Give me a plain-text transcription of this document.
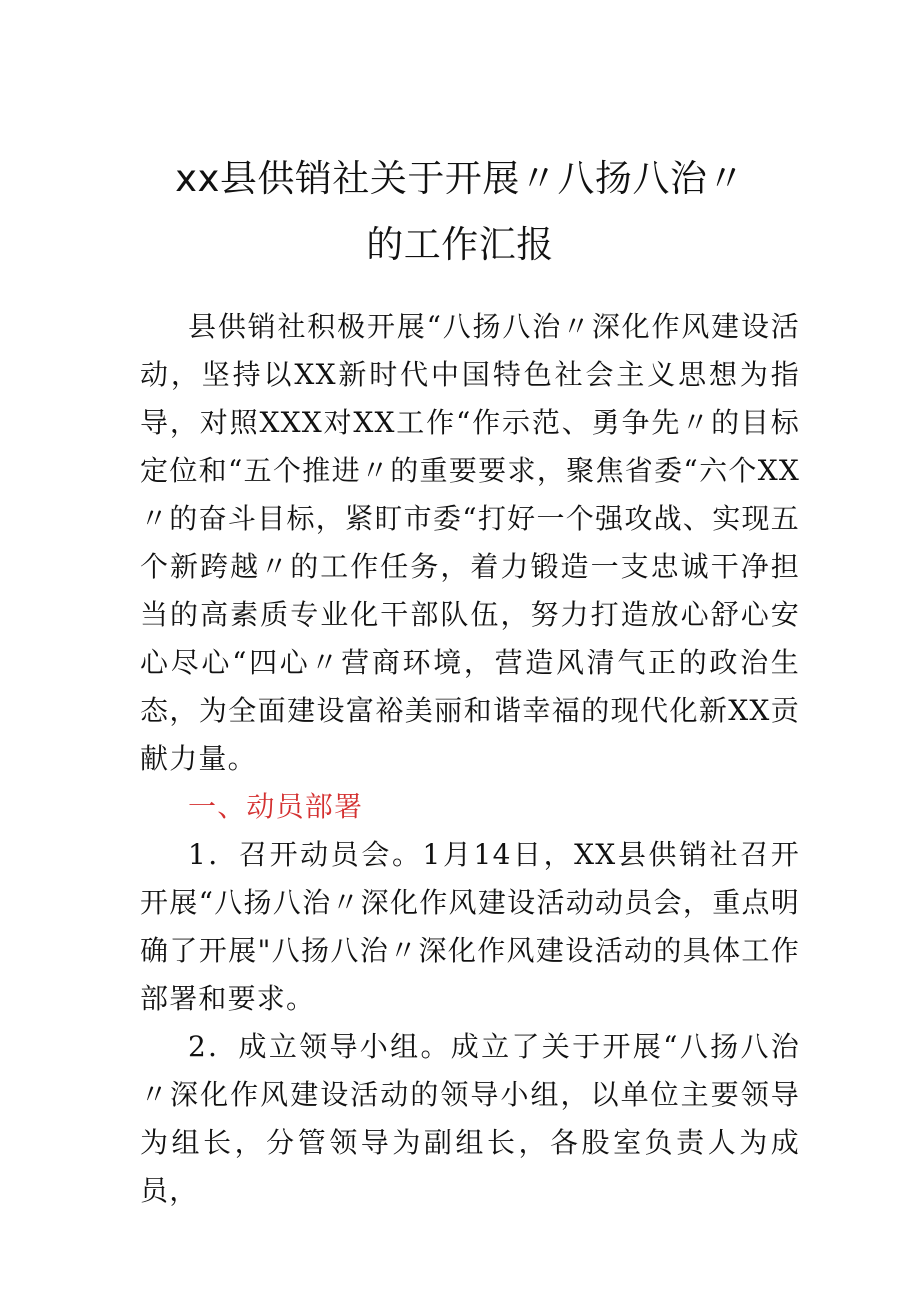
xx县供销社关于开展〃八扬八治〃
的工作汇报

县供销社积极开展“八扬八治〃深化作风建设活动，坚持以XX新时代中国特色社会主义思想为指导，对照XXX对XX工作“作示范、勇争先〃的目标定位和“五个推进〃的重要要求，聚焦省委“六个XX〃的奋斗目标，紧盯市委“打好一个强攻战、实现五个新跨越〃的工作任务，着力锻造一支忠诚干净担当的高素质专业化干部队伍，努力打造放心舒心安心尽心“四心〃营商环境，营造风清气正的政治生态，为全面建设富裕美丽和谐幸福的现代化新XX贡献力量。

一、动员部署

1．召开动员会。1月14日，XX县供销社召开开展“八扬八治〃深化作风建设活动动员会，重点明确了开展"八扬八治〃深化作风建设活动的具体工作部署和要求。

2．成立领导小组。成立了关于开展“八扬八治〃深化作风建设活动的领导小组，以单位主要领导为组长，分管领导为副组长，各股室负责人为成员，
